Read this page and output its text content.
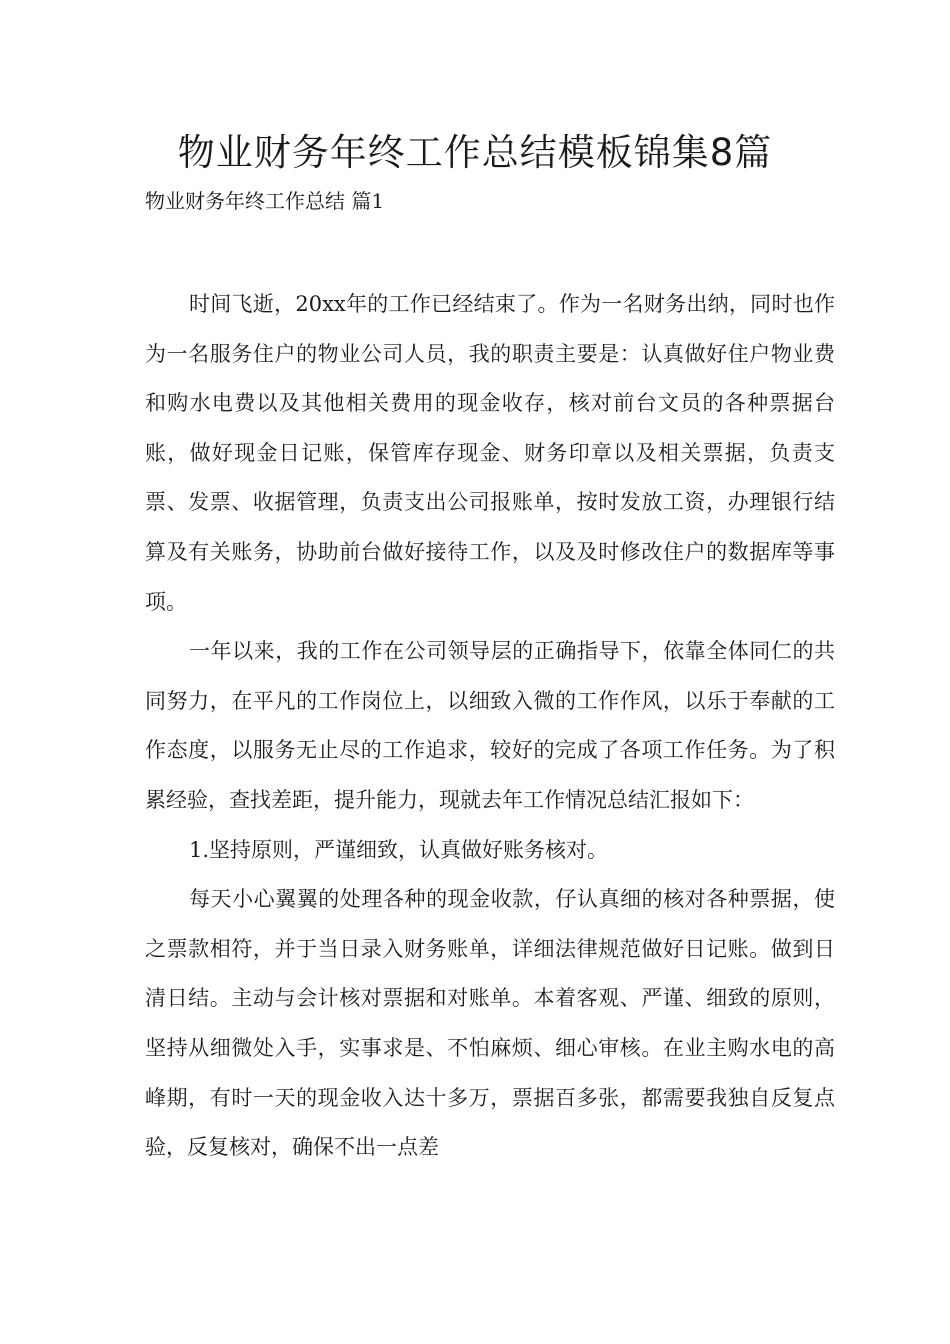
物业财务年终工作总结模板锦集8篇
物业财务年终工作总结 篇1

时间飞逝，20xx年的工作已经结束了。作为一名财务出纳，同时也作为一名服务住户的物业公司人员，我的职责主要是：认真做好住户物业费和购水电费以及其他相关费用的现金收存，核对前台文员的各种票据台账，做好现金日记账，保管库存现金、财务印章以及相关票据，负责支票、发票、收据管理，负责支出公司报账单，按时发放工资，办理银行结算及有关账务，协助前台做好接待工作，以及及时修改住户的数据库等事项。

一年以来，我的工作在公司领导层的正确指导下，依靠全体同仁的共同努力，在平凡的工作岗位上，以细致入微的工作作风，以乐于奉献的工作态度，以服务无止尽的工作追求，较好的完成了各项工作任务。为了积累经验，查找差距，提升能力，现就去年工作情况总结汇报如下：

1.坚持原则，严谨细致，认真做好账务核对。

每天小心翼翼的处理各种的现金收款，仔认真细的核对各种票据，使之票款相符，并于当日录入财务账单，详细法律规范做好日记账。做到日清日结。主动与会计核对票据和对账单。本着客观、严谨、细致的原则，坚持从细微处入手，实事求是、不怕麻烦、细心审核。在业主购水电的高峰期，有时一天的现金收入达十多万，票据百多张，都需要我独自反复点验，反复核对，确保不出一点差
